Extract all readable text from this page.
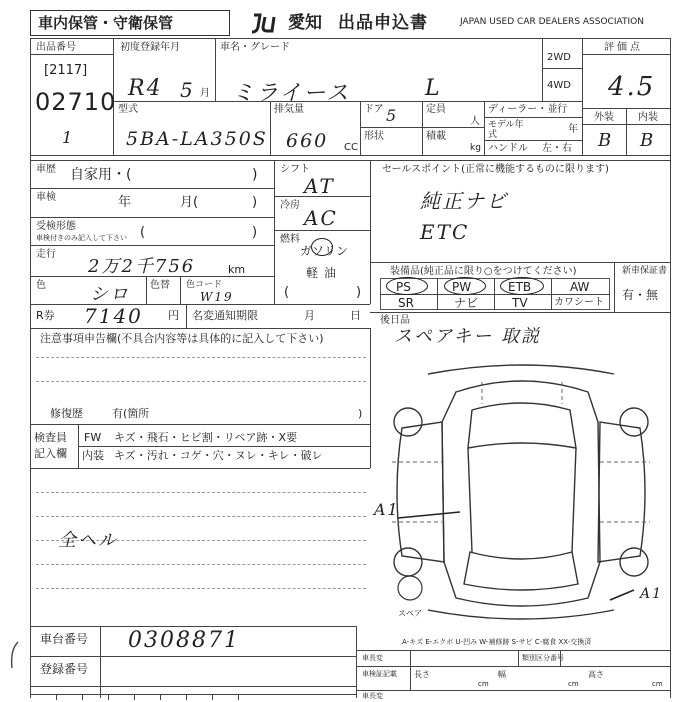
車内保管・守衛保管	愛知 出品申込書	JAPAN USED CAR DEALERS ASSOCIATION
出品番号
[2117]
02710
1
初度登録年月
R4 5 月
車名・グレード
ミライース	L
2WD
4WD
評価点
4.5
外装 内装
B B
型式
5BA-LA350S
排気量
660 CC
ドア 5	定員
人
形状	積載
kg
ディーラー・並行
モデル年式	年
ハンドル 左・右
車歴 自家用・(	)
車検	年	月(	)
受検形態
車検付きのみ記入して下さい (	)
走行
2万2千756	km
色 シロ 色替 色コード
W19
シフト
AT
冷房
AC
燃料
ガソリン
軽油
(	)
セールスポイント(正常に機能するものに限ります)
純正ナビ
ETC
装備品(純正品に限り○をつけてください)	新車保証書
有・無
PS	PW	ETB	AW
SR	ナビ	TV	カワシート
R券 7140 円 名変通知期限	月	日 後日品
スペアキー 取説
注意事項申告欄(不具合内容等は具体的に記入して下さい)
修復歴	有(箇所	)
検査員
記入欄
FW キズ・飛石・ヒビ割・リペア跡・X要
内装 キズ・汚れ・コゲ・穴・ヌレ・キレ・破レ
全ヘル
スペア
A1
A1
A-キズ E-エクボ U-凹み W-補修跡 S-サビ C-腐食 XX-交換済
車台番号 0308871
登録番号
車長変	類別区分番号
車検証記載 長さ
cm
幅
cm
高さ
cm
車長変
